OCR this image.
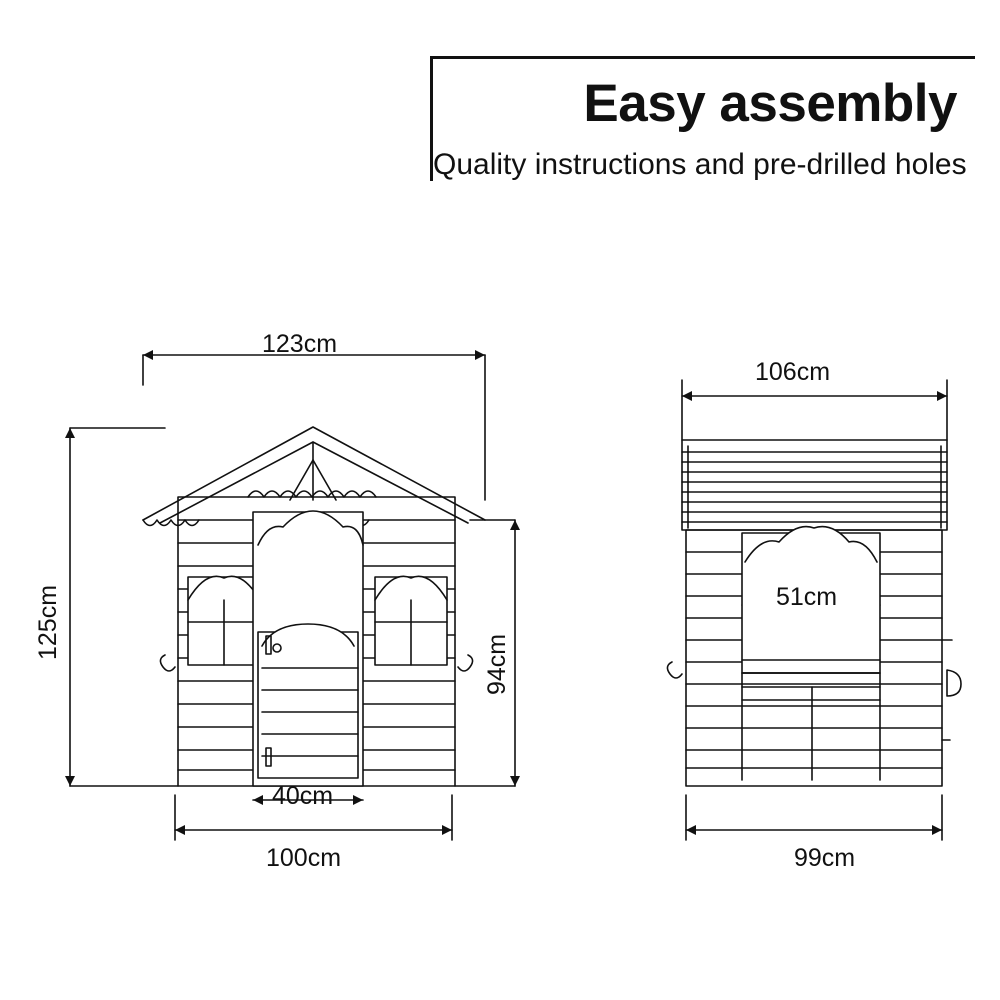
Easy assembly
Quality instructions and pre-drilled holes
123cm
125cm
94cm
40cm
100cm
106cm
51cm
99cm
